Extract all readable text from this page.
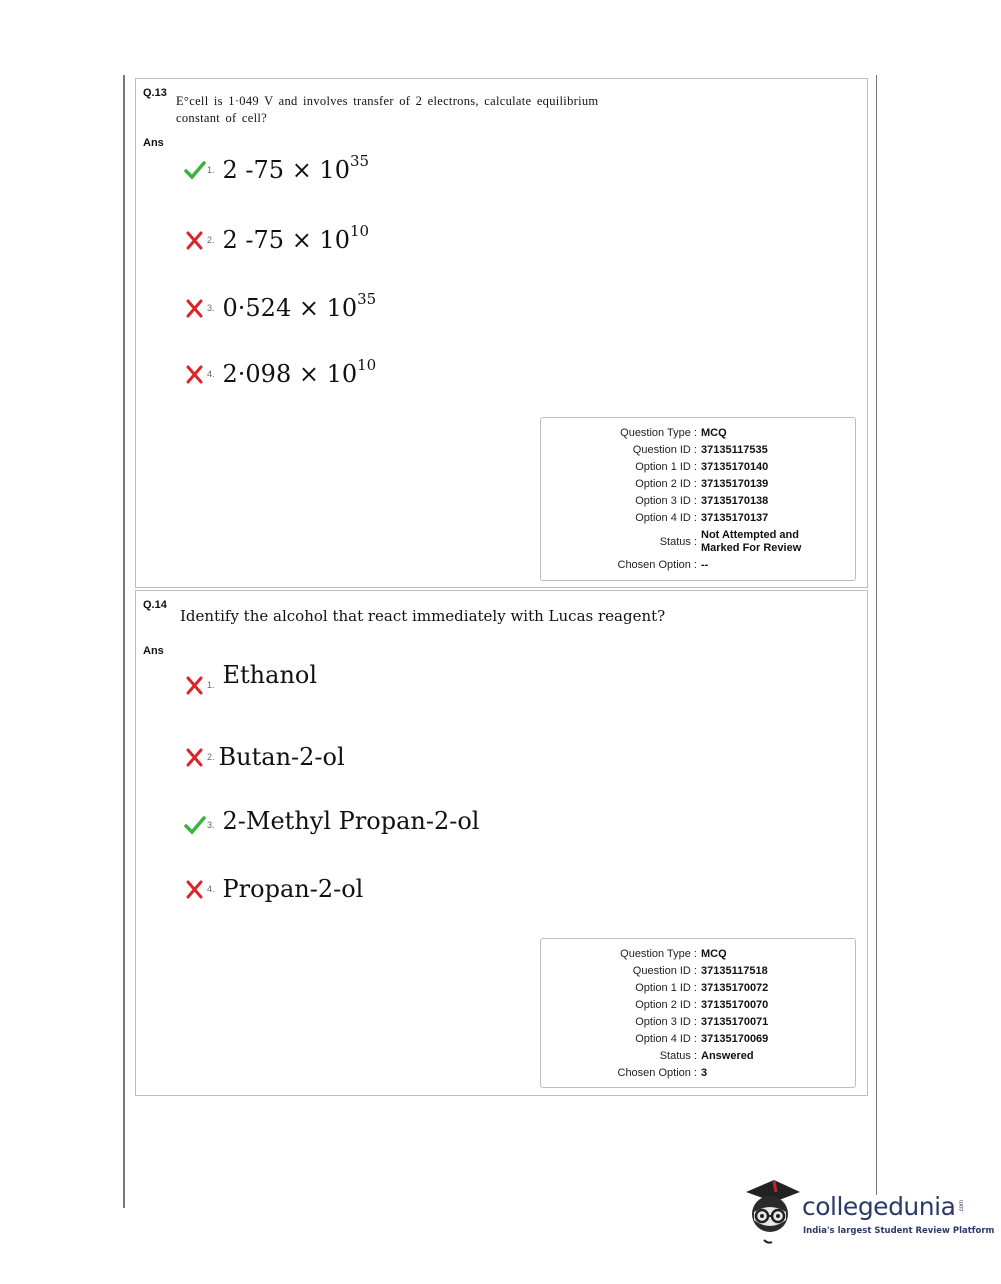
Q.13
E°cell is 1·049 V and involves transfer of 2 electrons, calculate equilibrium constant of cell?
Ans
1. 2 $-75 \times 10^{35}$
2. 2 $-75 \times 10^{10}$
3. $0\cdot 524 \times 10^{35}$
4. $2\cdot 098 \times 10^{10}$
Question Type : MCQ
Question ID : 37135117535
Option 1 ID : 37135170140
Option 2 ID : 37135170139
Option 3 ID : 37135170138
Option 4 ID : 37135170137
Status :
Not Attempted and
Marked For Review
Chosen Option : --
Q.14
Identify the alcohol that react immediately with Lucas reagent?
Ans
1. Ethanol
2. Butan-2-ol
3. 2-Methyl Propan-2-ol
4. Propan-2-ol
Question Type : MCQ
Question ID : 37135117518
Option 1 ID : 37135170072
Option 2 ID : 37135170070
Option 3 ID : 37135170071
Option 4 ID : 37135170069
Status : Answered
Chosen Option : 3
collegedunia .com
India's largest Student Review Platform
